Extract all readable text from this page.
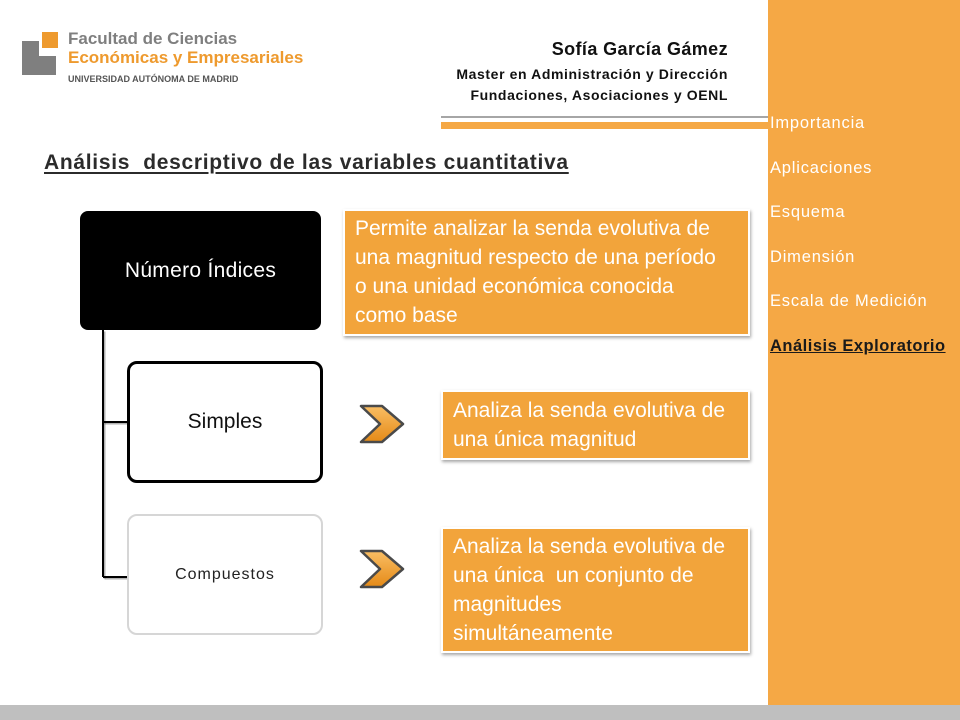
Facultad de Ciencias
Económicas y Empresariales
UNIVERSIDAD AUTÓNOMA DE MADRID
Sofía García Gámez
Master en Administración y Dirección
Fundaciones, Asociaciones y OENL
Análisis  descriptivo de las variables cuantitativa
Número Índices
Simples
Compuestos
Permite analizar la senda evolutiva de
una magnitud respecto de una período
o una unidad económica conocida
como base
Analiza la senda evolutiva de
una única magnitud
Analiza la senda evolutiva de
una única  un conjunto de
magnitudes
simultáneamente
Importancia
Aplicaciones
Esquema
Dimensión
Escala de Medición
Análisis Exploratorio
